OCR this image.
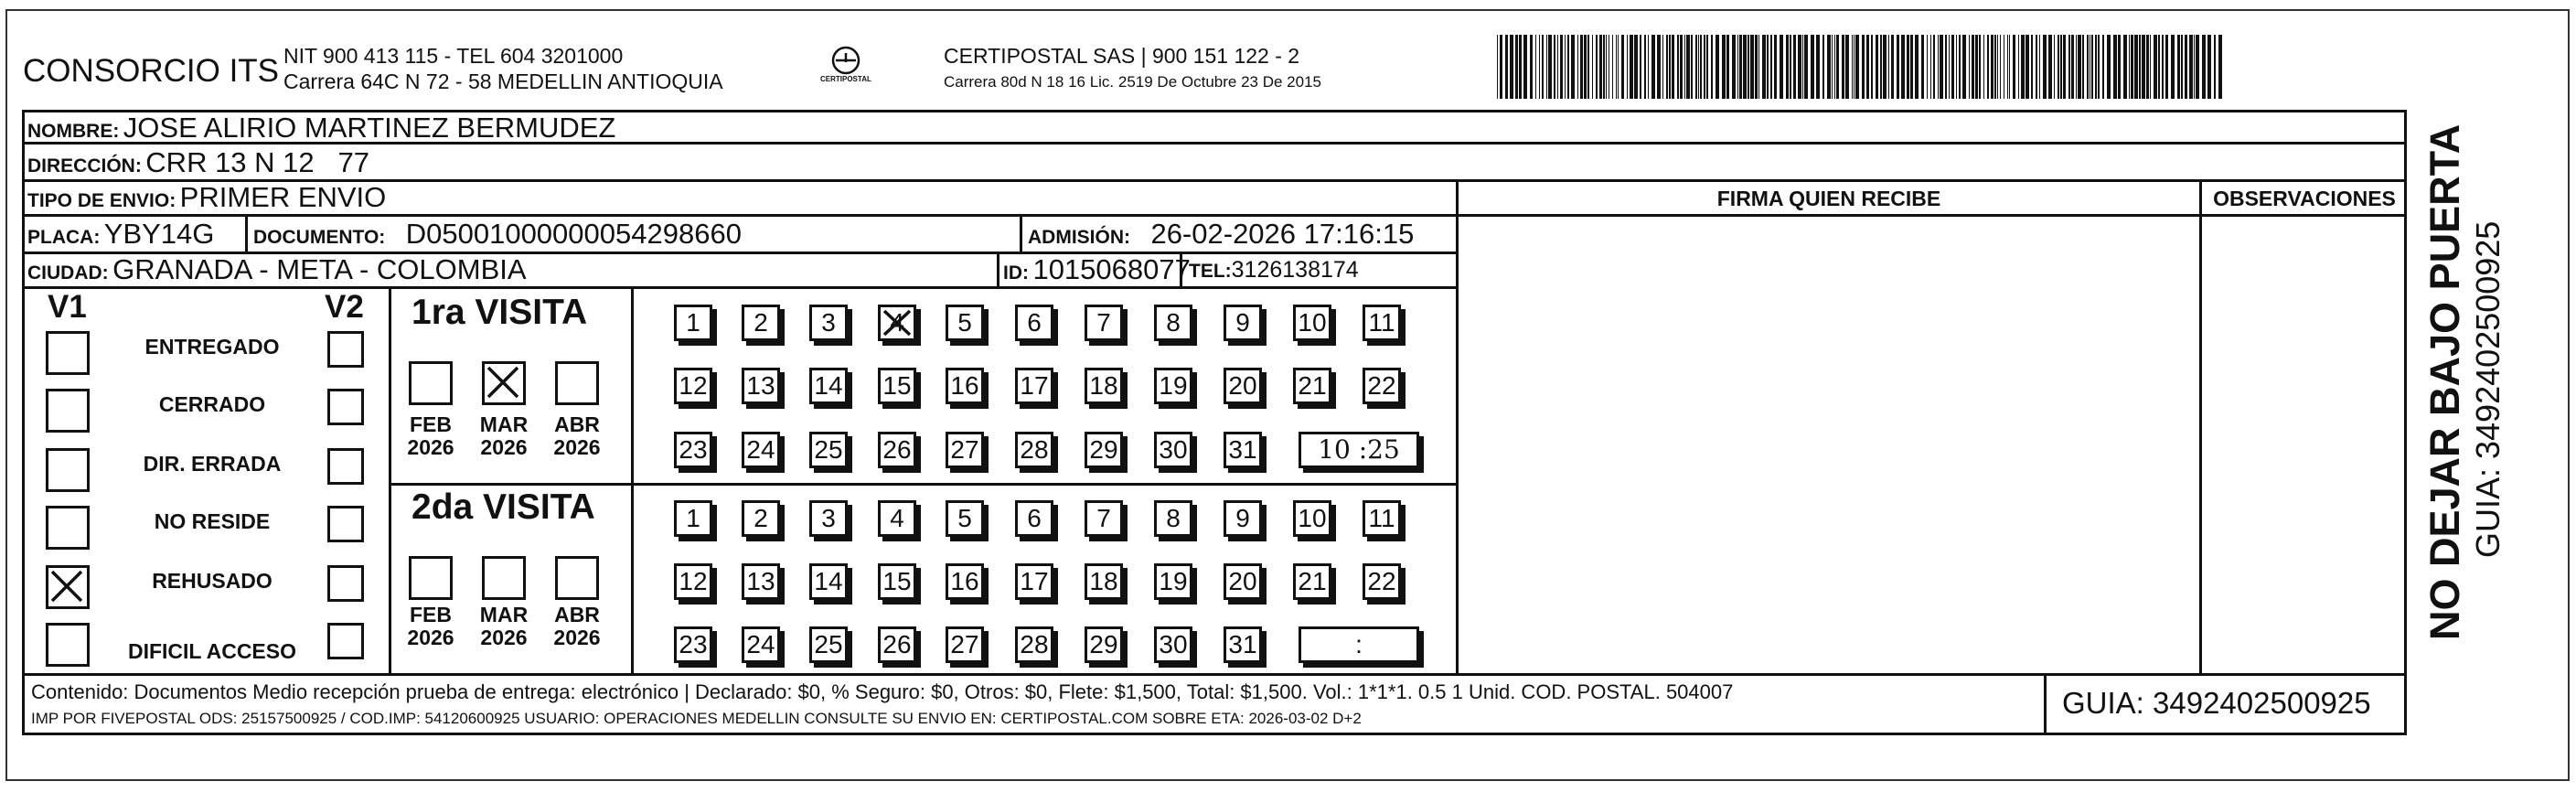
CONSORCIO ITS NIT 900 413 115 - TEL 604 3201000
Carrera 64C N 72 - 58 MEDELLIN ANTIOQUIA	CERTIPOSTAL
CERTIPOSTAL SAS | 900 151 122 - 2
Carrera 80d N 18 16 Lic. 2519 De Octubre 23 De 2015
NOMBRE: JOSE ALIRIO MARTINEZ BERMUDEZ
DIRECCIÓN: CRR 13 N 12   77
TIPO DE ENVIO: PRIMER ENVIO	FIRMA QUIEN RECIBE	OBSERVACIONES
PLACA: YBY14G DOCUMENTO: D05001000000054298660	ADMISIÓN: 26-02-2026 17:16:15
CIUDAD: GRANADA - META - COLOMBIA	ID: 1015068077
TEL:3126138174
V1	V2
ENTREGADO
CERRADO
DIR. ERRADA
NO RESIDE
REHUSADO
DIFICIL ACCESO
1ra VISITA
2da VISITA
FEB
2026
MAR
2026
ABR
2026
FEB
2026
MAR
2026
ABR
2026
1	2	3	4	5	6	7	8	9	10 11
12 13 14 15 16 17 18 19 20 21 22
23 24 25 26 27 28 29 30 31	10 :25
1	2	3	4	5	6	7	8	9	10 11
12 13 14 15 16 17 18 19 20 21 22
23 24 25 26 27 28 29 30 31	:
Contenido: Documentos Medio recepción prueba de entrega: electrónico | Declarado: $0, % Seguro: $0, Otros: $0, Flete: $1,500, Total: $1,500. Vol.: 1*1*1. 0.5 1 Unid. COD. POSTAL. 504007
IMP POR FIVEPOSTAL ODS: 25157500925 / COD.IMP: 54120600925 USUARIO: OPERACIONES MEDELLIN CONSULTE SU ENVIO EN: CERTIPOSTAL.COM SOBRE ETA: 2026-03-02 D+2	GUIA: 3492402500925
NO DEJAR BAJO PUERTA GUIA: 3492402500925
